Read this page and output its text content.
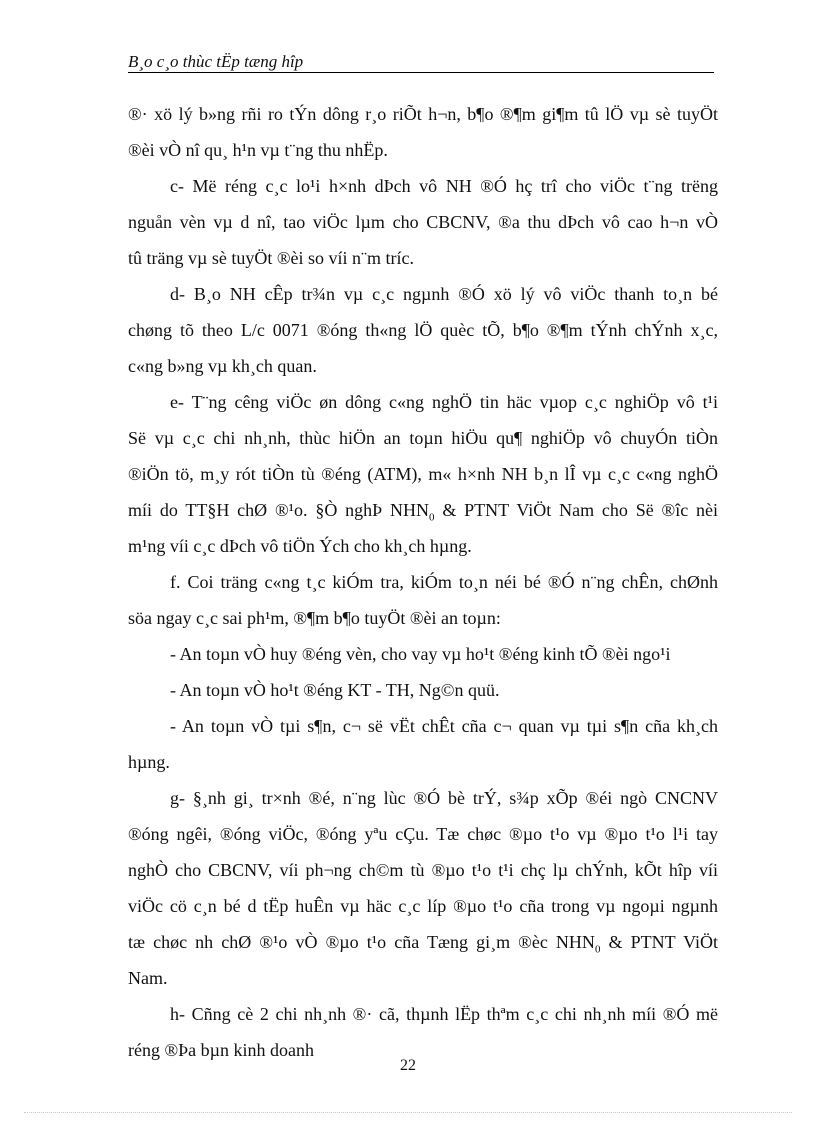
B¸o c¸o thùc tËp tæng hîp
®· xö lý b»ng rñi ro tÝn dông r¸o riÕt h¬n, b¶o ®¶m gi¶m tû lÖ vµ sè tuyÖt
®èi vÒ nî qu¸ h¹n vµ t¨ng thu nhËp.
c- Më réng c¸c lo¹i h×nh dÞch vô NH ®Ó hç trî cho viÖc t¨ng trëng
nguån vèn vµ d nî, tao viÖc lµm cho CBCNV, ®a thu dÞch vô cao h¬n vÒ
tû träng vµ sè tuyÖt ®èi so víi n¨m tríc.
d- B¸o NH cÊp tr¾n vµ c¸c ngµnh ®Ó xö lý vô viÖc thanh to¸n bé
chøng tõ theo L/c 0071 ®óng th«ng lÖ quèc tÕ, b¶o ®¶m tÝnh chÝnh x¸c,
c«ng b»ng vµ kh¸ch quan.
e- T¨ng cêng viÖc øn dông c«ng nghÖ tin häc vµop c¸c nghiÖp vô t¹i
Së vµ c¸c chi nh¸nh, thùc hiÖn an toµn hiÖu qu¶ nghiÖp vô chuyÓn tiÒn
®iÖn tö, m¸y rót tiÒn tù ®éng (ATM), m« h×nh NH b¸n lÎ vµ c¸c c«ng nghÖ
míi do TT§H chØ ®¹o. §Ò nghÞ $NHN_0$ & PTNT ViÖt Nam cho Së ®îc nèi
m¹ng víi c¸c dÞch vô tiÖn Ých cho kh¸ch hµng.
f. Coi träng c«ng t¸c kiÓm tra, kiÓm to¸n néi bé ®Ó n¨ng chÊn, chØnh
söa ngay c¸c sai ph¹m, ®¶m b¶o tuyÖt ®èi an toµn:
- An toµn vÒ huy ®éng vèn, cho vay vµ ho¹t ®éng kinh tÕ ®èi ngo¹i
- An toµn vÒ ho¹t ®éng KT - TH, Ng©n quü.
- An toµn vÒ tµi s¶n, c¬ së vËt chÊt cña c¬ quan vµ tµi s¶n cña kh¸ch
hµng.
g- §¸nh gi¸ tr×nh ®é, n¨ng lùc ®Ó bè trÝ, s¾p xÕp ®éi ngò CNCNV
®óng ngêi, ®óng viÖc, ®óng yªu cÇu. Tæ chøc ®µo t¹o vµ ®µo t¹o l¹i tay
nghÒ cho CBCNV, víi ph¬ng ch©m tù ®µo t¹o t¹i chç lµ chÝnh, kÕt hîp víi
viÖc cö c¸n bé d tËp huÊn vµ häc c¸c líp ®µo t¹o cña trong vµ ngoµi ngµnh
tæ chøc nh chØ ®¹o vÒ ®µo t¹o cña Tæng gi¸m ®èc $NHN_0$ & PTNT ViÖt
Nam.
h- Cñng cè 2 chi nh¸nh ®· cã, thµnh lËp thªm c¸c chi nh¸nh míi ®Ó më
réng ®Þa bµn kinh doanh
22
